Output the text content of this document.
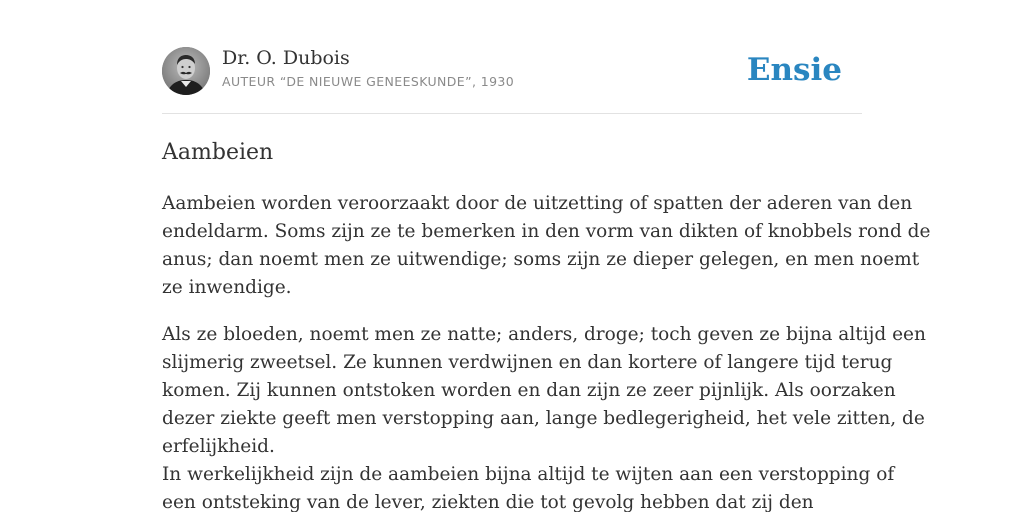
Dr. O. Dubois
AUTEUR “DE NIEUWE GENEESKUNDE”, 1930	Ensie
Aambeien
Aambeien worden veroorzaakt door de uitzetting of spatten der aderen van den
endeldarm. Soms zijn ze te bemerken in den vorm van dikten of knobbels rond de
anus; dan noemt men ze uitwendige; soms zijn ze dieper gelegen, en men noemt
ze inwendige.
Als ze bloeden, noemt men ze natte; anders, droge; toch geven ze bijna altijd een
slijmerig zweetsel. Ze kunnen verdwijnen en dan kortere of langere tijd terug
komen. Zij kunnen ontstoken worden en dan zijn ze zeer pijnlijk. Als oorzaken
dezer ziekte geeft men verstopping aan, lange bedlegerigheid, het vele zitten, de
erfelijkheid.
In werkelijkheid zijn de aambeien bijna altijd te wijten aan een verstopping of
een ontsteking van de lever, ziekten die tot gevolg hebben dat zij den
